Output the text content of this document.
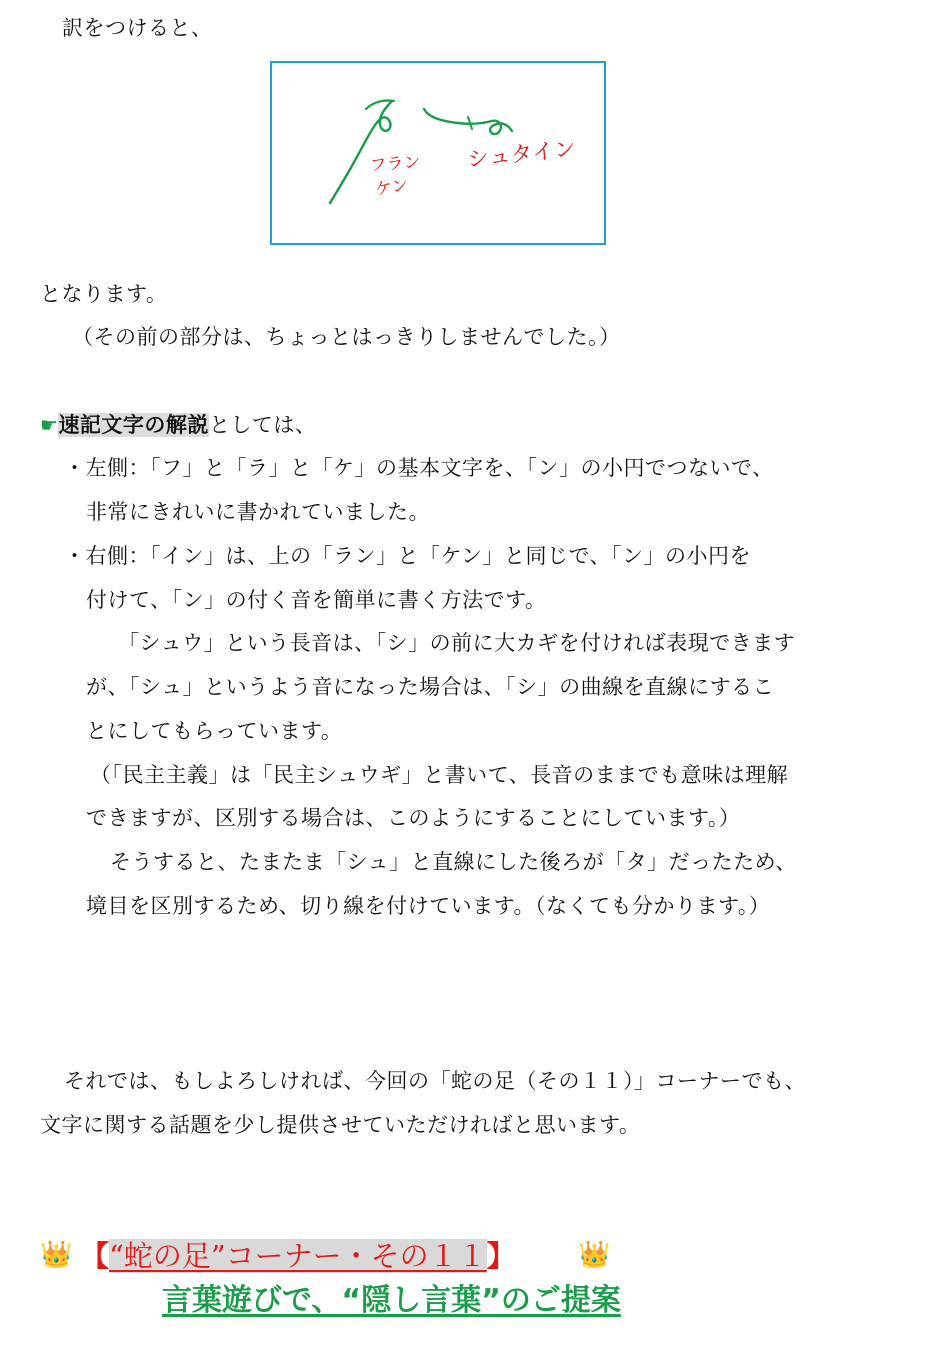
訳をつけると、
フラン
ケン
シュタイン
となります。
（その前の部分は、ちょっとはっきりしませんでした。）
☛速記文字の解説としては、
・左側：「フ」と「ラ」と「ケ」の基本文字を、「ン」の小円でつないで、
非常にきれいに書かれていました。
・右側：「イン」は、上の「ラン」と「ケン」と同じで、「ン」の小円を
付けて、「ン」の付く音を簡単に書く方法です。
「シュウ」という長音は、「シ」の前に大カギを付ければ表現できます
が、「シュ」というよう音になった場合は、「シ」の曲線を直線にするこ
とにしてもらっています。
（「民主主義」は「民主シュウギ」と書いて、長音のままでも意味は理解
できますが、区別する場合は、このようにすることにしています。）
そうすると、たまたま「シュ」と直線にした後ろが「タ」だったため、
境目を区別するため、切り線を付けています。（なくても分かります。）
それでは、もしよろしければ、今回の「蛇の足（その１１）」コーナーでも、
文字に関する話題を少し提供させていただければと思います。
👑 【“蛇の足”コーナー・その１１】 👑
言葉遊びで、“隠し言葉”のご提案
